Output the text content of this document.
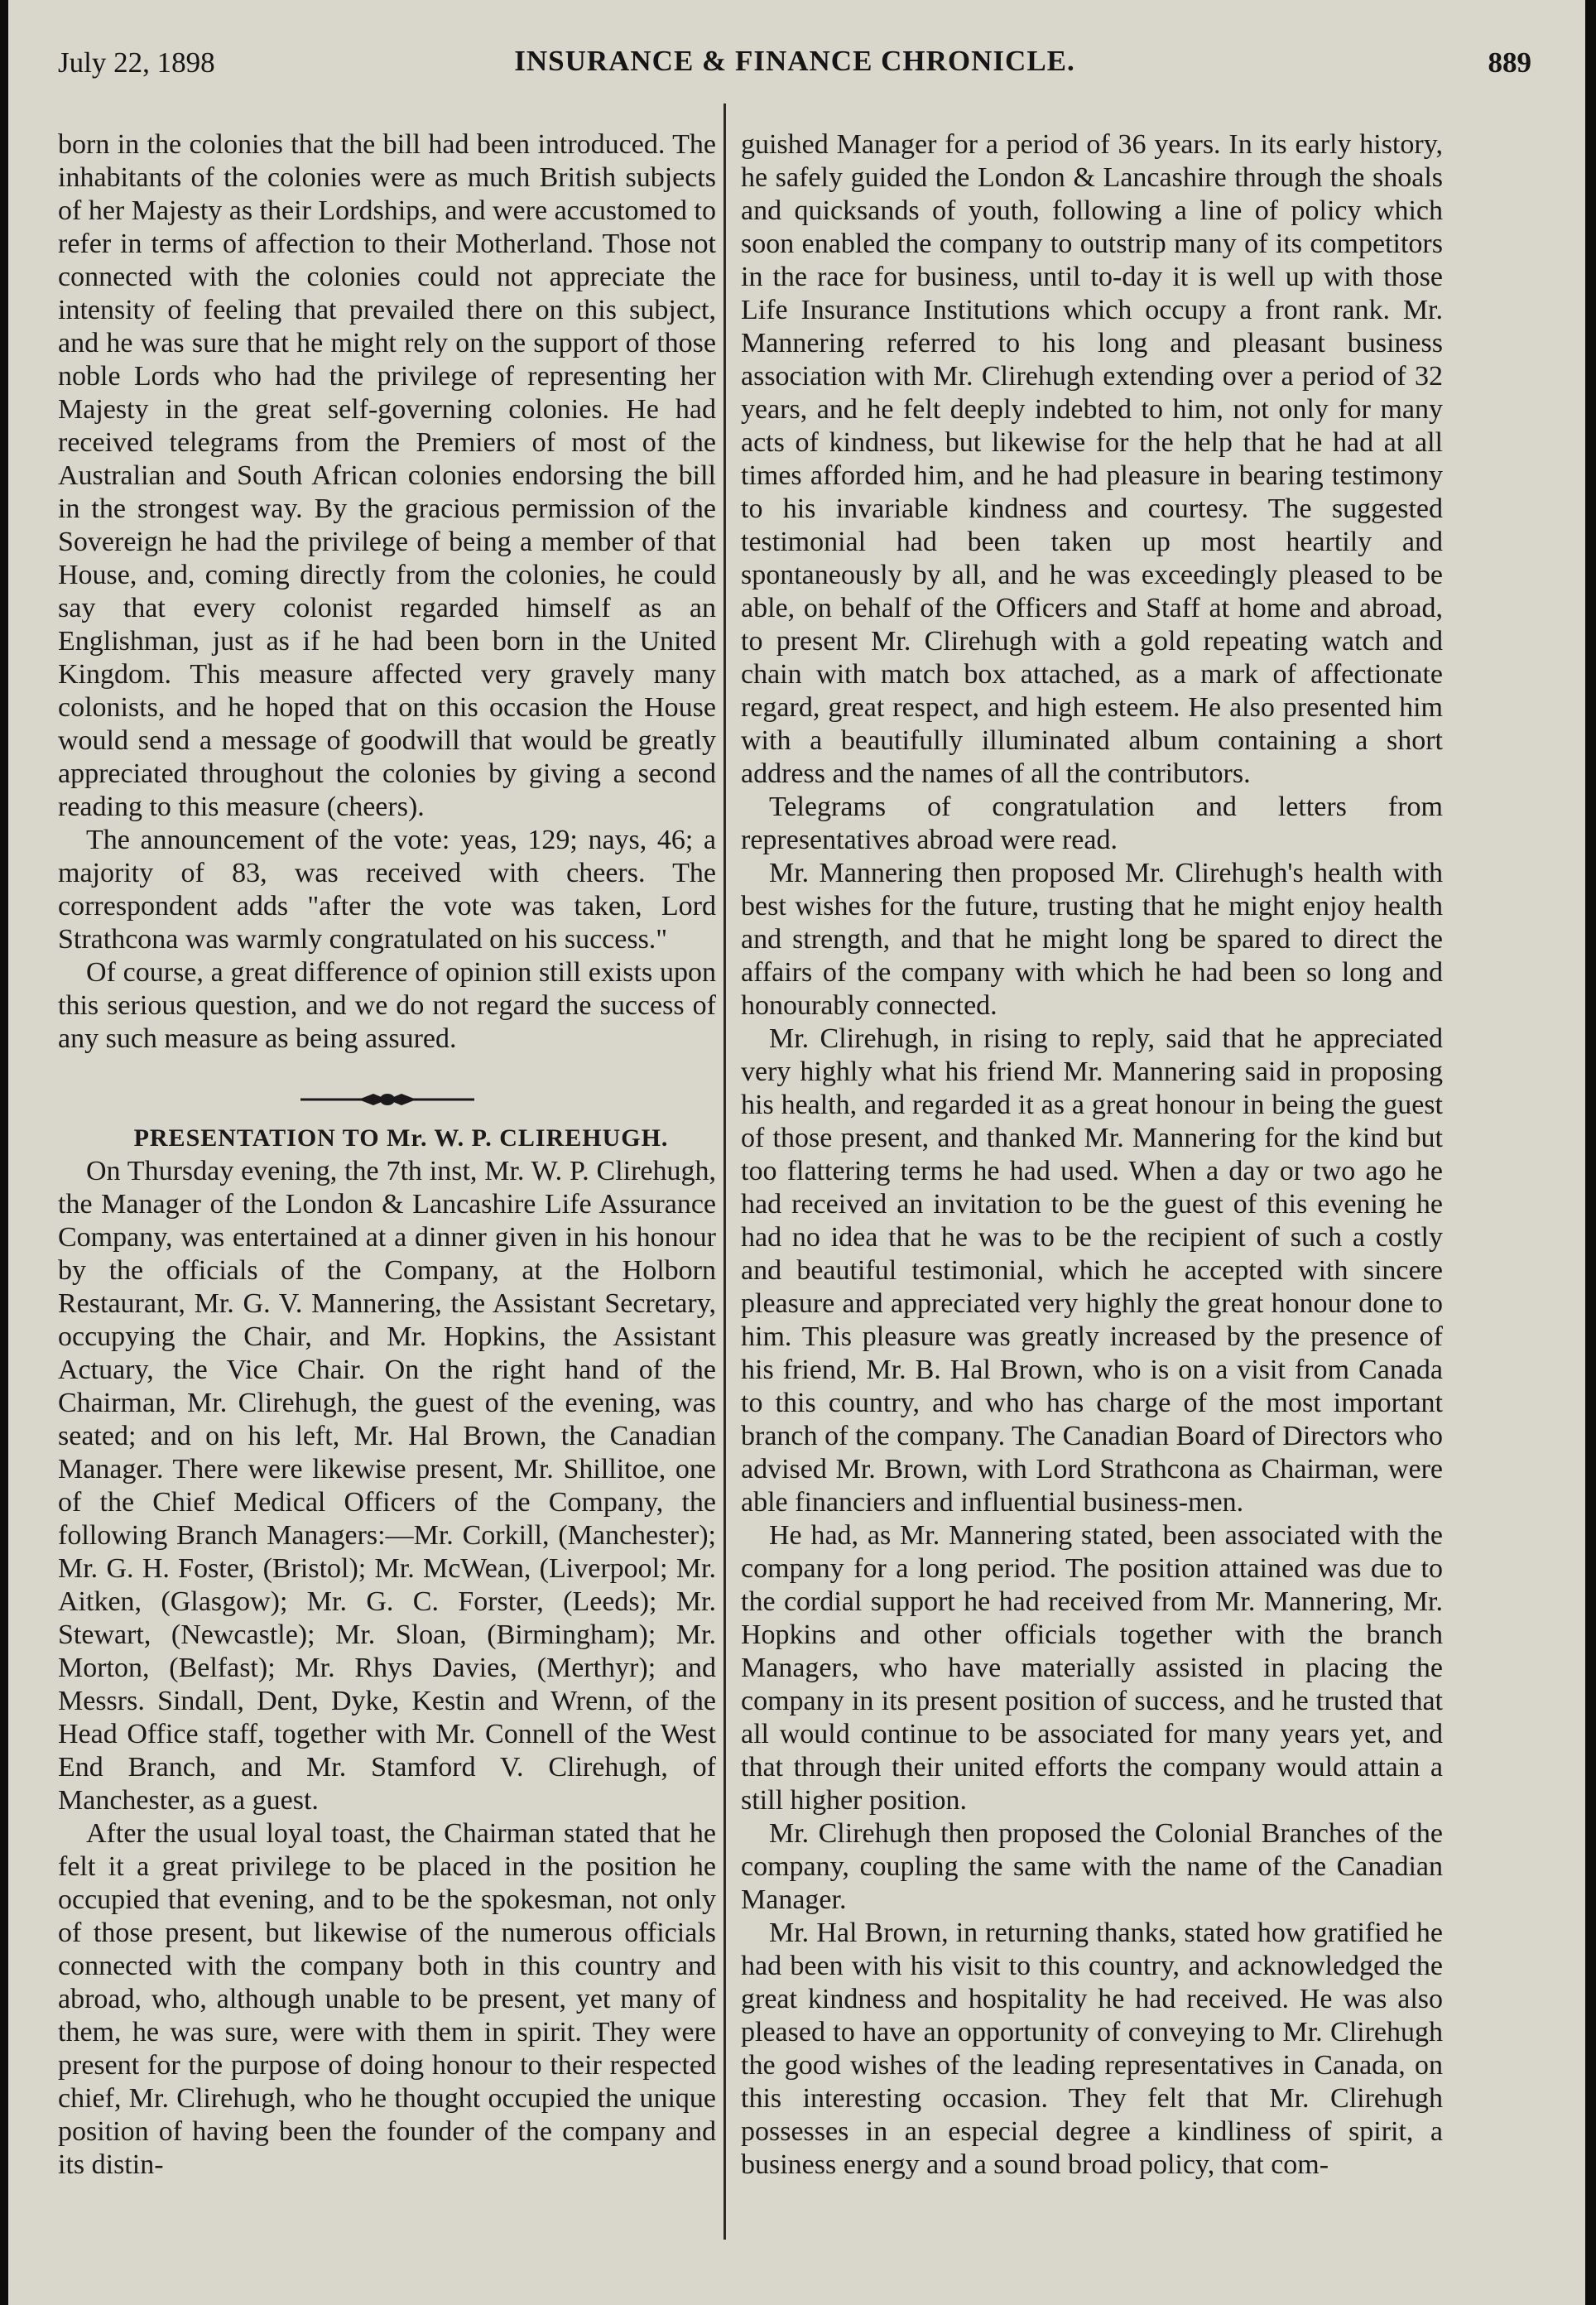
July 22, 1898	INSURANCE & FINANCE CHRONICLE.	889

born in the colonies that the bill had been introduced. The inhabitants of the colonies were as much British subjects of her Majesty as their Lordships, and were accustomed to refer in terms of affection to their Motherland. Those not connected with the colonies could not appreciate the intensity of feeling that prevailed there on this subject, and he was sure that he might rely on the support of those noble Lords who had the privilege of representing her Majesty in the great self-governing colonies. He had received telegrams from the Premiers of most of the Australian and South African colonies endorsing the bill in the strongest way. By the gracious permission of the Sovereign he had the privilege of being a member of that House, and, coming directly from the colonies, he could say that every colonist regarded himself as an Englishman, just as if he had been born in the United Kingdom. This measure affected very gravely many colonists, and he hoped that on this occasion the House would send a message of goodwill that would be greatly appreciated throughout the colonies by giving a second reading to this measure (cheers).

The announcement of the vote: yeas, 129; nays, 46; a majority of 83, was received with cheers. The correspondent adds "after the vote was taken, Lord Strathcona was warmly congratulated on his success."

Of course, a great difference of opinion still exists upon this serious question, and we do not regard the success of any such measure as being assured.

PRESENTATION TO Mr. W. P. CLIREHUGH.

On Thursday evening, the 7th inst, Mr. W. P. Clirehugh, the Manager of the London & Lancashire Life Assurance Company, was entertained at a dinner given in his honour by the officials of the Company, at the Holborn Restaurant, Mr. G. V. Mannering, the Assistant Secretary, occupying the Chair, and Mr. Hopkins, the Assistant Actuary, the Vice Chair. On the right hand of the Chairman, Mr. Clirehugh, the guest of the evening, was seated; and on his left, Mr. Hal Brown, the Canadian Manager. There were likewise present, Mr. Shillitoe, one of the Chief Medical Officers of the Company, the following Branch Managers:—Mr. Corkill, (Manchester); Mr. G. H. Foster, (Bristol); Mr. McWean, (Liverpool; Mr. Aitken, (Glasgow); Mr. G. C. Forster, (Leeds); Mr. Stewart, (Newcastle); Mr. Sloan, (Birmingham); Mr. Morton, (Belfast); Mr. Rhys Davies, (Merthyr); and Messrs. Sindall, Dent, Dyke, Kestin and Wrenn, of the Head Office staff, together with Mr. Connell of the West End Branch, and Mr. Stamford V. Clirehugh, of Manchester, as a guest.

After the usual loyal toast, the Chairman stated that he felt it a great privilege to be placed in the position he occupied that evening, and to be the spokesman, not only of those present, but likewise of the numerous officials connected with the company both in this country and abroad, who, although unable to be present, yet many of them, he was sure, were with them in spirit. They were present for the purpose of doing honour to their respected chief, Mr. Clirehugh, who he thought occupied the unique position of having been the founder of the company and its distin-

guished Manager for a period of 36 years. In its early history, he safely guided the London & Lancashire through the shoals and quicksands of youth, following a line of policy which soon enabled the company to outstrip many of its competitors in the race for business, until to-day it is well up with those Life Insurance Institutions which occupy a front rank. Mr. Mannering referred to his long and pleasant business association with Mr. Clirehugh extending over a period of 32 years, and he felt deeply indebted to him, not only for many acts of kindness, but likewise for the help that he had at all times afforded him, and he had pleasure in bearing testimony to his invariable kindness and courtesy. The suggested testimonial had been taken up most heartily and spontaneously by all, and he was exceedingly pleased to be able, on behalf of the Officers and Staff at home and abroad, to present Mr. Clirehugh with a gold repeating watch and chain with match box attached, as a mark of affectionate regard, great respect, and high esteem. He also presented him with a beautifully illuminated album containing a short address and the names of all the contributors.

Telegrams of congratulation and letters from representatives abroad were read.

Mr. Mannering then proposed Mr. Clirehugh's health with best wishes for the future, trusting that he might enjoy health and strength, and that he might long be spared to direct the affairs of the company with which he had been so long and honourably connected.

Mr. Clirehugh, in rising to reply, said that he appreciated very highly what his friend Mr. Mannering said in proposing his health, and regarded it as a great honour in being the guest of those present, and thanked Mr. Mannering for the kind but too flattering terms he had used. When a day or two ago he had received an invitation to be the guest of this evening he had no idea that he was to be the recipient of such a costly and beautiful testimonial, which he accepted with sincere pleasure and appreciated very highly the great honour done to him. This pleasure was greatly increased by the presence of his friend, Mr. B. Hal Brown, who is on a visit from Canada to this country, and who has charge of the most important branch of the company. The Canadian Board of Directors who advised Mr. Brown, with Lord Strathcona as Chairman, were able financiers and influential business-men.

He had, as Mr. Mannering stated, been associated with the company for a long period. The position attained was due to the cordial support he had received from Mr. Mannering, Mr. Hopkins and other officials together with the branch Managers, who have materially assisted in placing the company in its present position of success, and he trusted that all would continue to be associated for many years yet, and that through their united efforts the company would attain a still higher position.

Mr. Clirehugh then proposed the Colonial Branches of the company, coupling the same with the name of the Canadian Manager.

Mr. Hal Brown, in returning thanks, stated how gratified he had been with his visit to this country, and acknowledged the great kindness and hospitality he had received. He was also pleased to have an opportunity of conveying to Mr. Clirehugh the good wishes of the leading representatives in Canada, on this interesting occasion. They felt that Mr. Clirehugh possesses in an especial degree a kindliness of spirit, a business energy and a sound broad policy, that com-
